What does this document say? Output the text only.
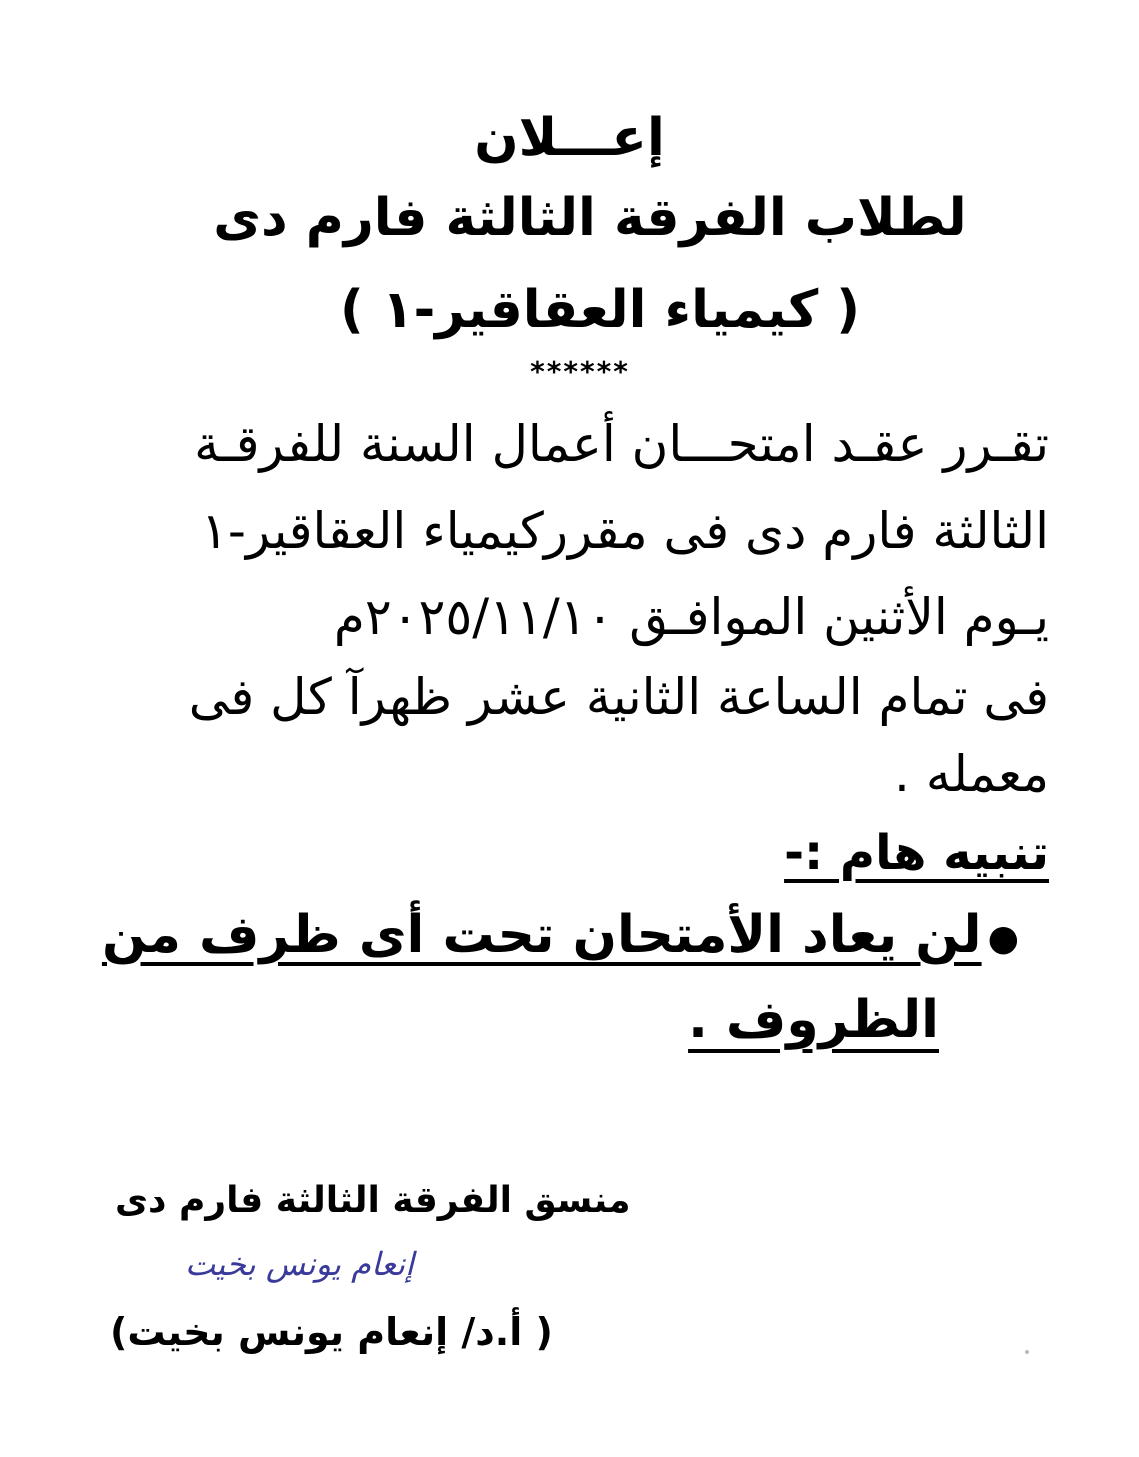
إعـــلان
لطلاب الفرقة الثالثة فارم دى
( كيمياء العقاقير-١ )
******
تقـرر عقـد امتحـــان أعمال السنة للفرقـة
الثالثة فارم دى فى مقرركيمياء العقاقير-١
يـوم الأثنين الموافـق ٢٠٢٥/١١/١٠م
فى تمام الساعة الثانية عشر ظهرآ كل فى
معمله .
تنبيه هام :-
●لن يعاد الأمتحان تحت أى ظرف من
الظروف .
منسق الفرقة الثالثة فارم دى
إنعام يونس بخيت
( أ.د/ إنعام يونس بخيت)
